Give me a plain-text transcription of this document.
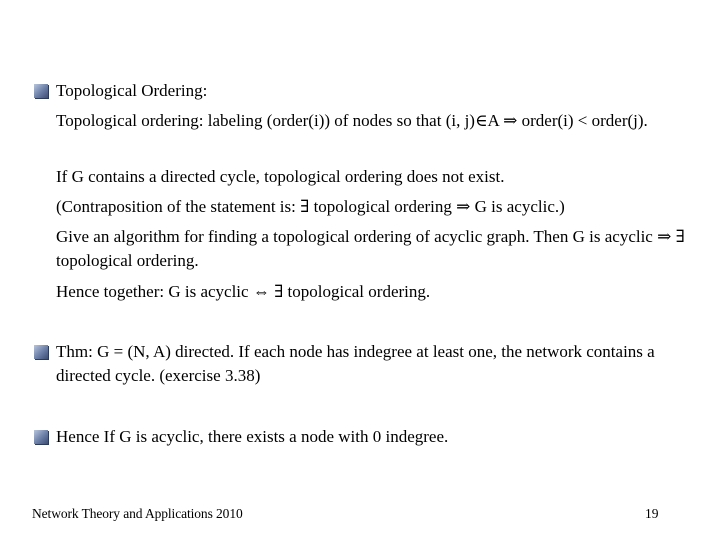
Topological Ordering:
Topological ordering: labeling (order(i)) of nodes so that (i, j)∈A ⇒ order(i) < order(j).
If G contains a directed cycle, topological ordering does not exist.
(Contraposition of the statement is: ∃ topological ordering ⇒ G is acyclic.)
Give an algorithm for finding a topological ordering of acyclic graph. Then G is acyclic ⇒ ∃ topological ordering.
Hence together: G is acyclic ⇔ ∃ topological ordering.
Thm: G = (N, A) directed. If each node has indegree at least one, the network contains a directed cycle. (exercise 3.38)
Hence If G is acyclic, there exists a node with 0 indegree.
Network Theory and Applications 2010	19
